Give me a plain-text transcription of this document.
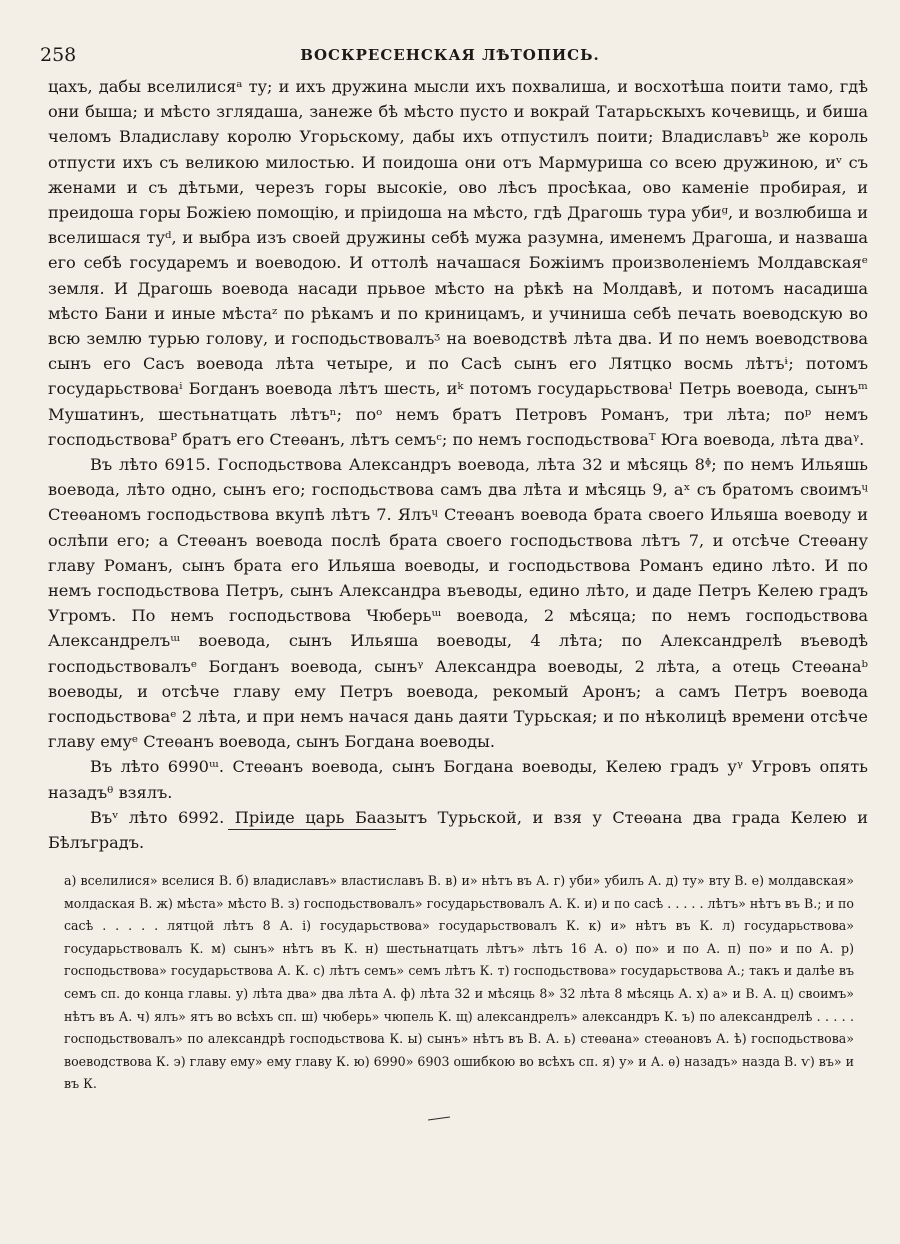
258	ВОСКРЕСЕНСКАЯ ЛѢТОПИСЬ.

цахъ, дабы вселилисяᵃ ту; и ихъ дружина мысли ихъ похвалиша, и восхотѣша поити тамо, гдѣ они быша; и мѣсто зглядаша, занеже бѣ мѣсто пусто и вокрай Татарьскыхъ кочевищь, и биша челомъ Владиславу королю Угорьскому, дабы ихъ отпустилъ поити; Владиславъᵇ же король отпусти ихъ съ великою милостью. И поидоша они отъ Мармуриша со всею дружиною, иᵛ съ женами и съ дѣтьми, черезъ горы высокiе, ово лѣсъ просѣкаа, ово каменiе пробирая, и преидоша горы Божiею помощiю, и прiидоша на мѣсто, гдѣ Драгошь тура убиᵍ, и возлюбиша и вселишася туᵈ, и выбра изъ своей дружины себѣ мужа разумна, именемъ Драгоша, и назваша его себѣ государемъ и воеводою. И оттолѣ начашася Божiимъ произволенiемъ Молдавскаяᵉ земля. И Драгошь воевода насади прьвое мѣсто на рѣкѣ на Молдавѣ, и потомъ насадиша мѣсто Бани и иные мѣстаᶻ по рѣкамъ и по криницамъ, и учиниша себѣ печать воеводскую во всю землю турью голову, и господьствовалъᶾ на воеводствѣ лѣта два. И по немъ воеводствова сынъ его Сасъ воевода лѣта четыре, и по Сасѣ сынъ его Лятцко восмь лѣтъᶤ; потомъ государьствоваⁱ Богданъ воевода лѣтъ шесть, иᵏ потомъ государьствоваˡ Петрь воевода, сынъᵐ Мушатинъ, шестьнатцать лѣтъⁿ; поᵒ немъ братъ Петровъ Романъ, три лѣта; поᵖ немъ господьствоваᴾ братъ его Стеѳанъ, лѣтъ семъᶜ; по немъ господьствоваᵀ Юга воевода, лѣта дваᵞ.

Въ лѣто 6915. Господьствова Александръ воевода, лѣта 32 и мѣсяць 8ᶲ; по немъ Ильяшь воевода, лѣто одно, сынъ его; господьствова самъ два лѣта и мѣсяць 9, аˣ съ братомъ своимъᶣ Стеѳаномъ господьствова вкупѣ лѣтъ 7. Ялъᶣ Стеѳанъ воевода брата своего Ильяша воеводу и ослѣпи его; а Стеѳанъ воевода послѣ брата своего господьствова лѣтъ 7, и отсѣче Стеѳану главу Романъ, сынъ брата его Ильяша воеводы, и господьствова Романъ едино лѣто. И по немъ господьствова Петръ, сынъ Александра въеводы, едино лѣто, и даде Петръ Келею градъ Угромъ. По немъ господьствова Чюберьᵚ воевода, 2 мѣсяца; по немъ господьствова Александрелъᵚ воевода, сынъ Ильяша воеводы, 4 лѣта; по Александрелѣ въеводѣ господьствовалъᵉ Богданъ воевода, сынъᵞ Александра воеводы, 2 лѣта, а отець Стеѳанаᵇ воеводы, и отсѣче главу ему Петръ воевода, рекомый Аронъ; а самъ Петръ воевода господьствоваᵉ 2 лѣта, и при немъ начася дань даяти Турьская; и по нѣколицѣ времени отсѣче главу емуᵉ Стеѳанъ воевода, сынъ Богдана воеводы.

Въ лѣто 6990ᵚ. Стеѳанъ воевода, сынъ Богдана воеводы, Келею градъ уᵞ Угровъ опять назадъᶿ взялъ.

Въᵛ лѣто 6992. Прiиде царь Баазытъ Турьской, и взя у Стеѳана два града Келею и Бѣлъградъ.

а) вселилися» вселися В. б) владиславъ» властиславъ В. в) и» нѣтъ въ А. г) уби» убилъ А. д) ту» вту В. е) молдавская» молдаская В. ж) мѣста» мѣсто В. з) господьствовалъ» государьствовалъ А. К. и) и по сасѣ . . . . . лѣтъ» нѣтъ въ В.; и по сасѣ . . . . . лятцой лѣтъ 8 А. і) государьствова» государьствовалъ К. к) и» нѣтъ въ К. л) государьствова» государьствовалъ К. м) сынъ» нѣтъ въ К. н) шестьнатцать лѣтъ» лѣтъ 16 А. о) по» и по А. п) по» и по А. р) господьствова» государьствова А. К. с) лѣтъ семъ» семъ лѣтъ К. т) господьствова» государьствова А.; такъ и далѣе въ семъ сп. до конца главы. у) лѣта два» два лѣта А. ф) лѣта 32 и мѣсяць 8» 32 лѣта 8 мѣсяць А. х) а» и В. А. ц) своимъ» нѣтъ въ А. ч) ялъ» ятъ во всѣхъ сп. ш) чюберь» чюпель К. щ) александрелъ» александръ К. ъ) по александрелѣ . . . . . господьствовалъ» по александрѣ господьствова К. ы) сынъ» нѣтъ въ В. А. ь) стеѳана» стеѳановъ А. ѣ) господьствова» воеводствова К. э) главу ему» ему главу К. ю) 6990» 6903 ошибкою во всѣхъ сп. я) у» и А. ѳ) назадъ» назда В. ѵ) въ» и въ К.
